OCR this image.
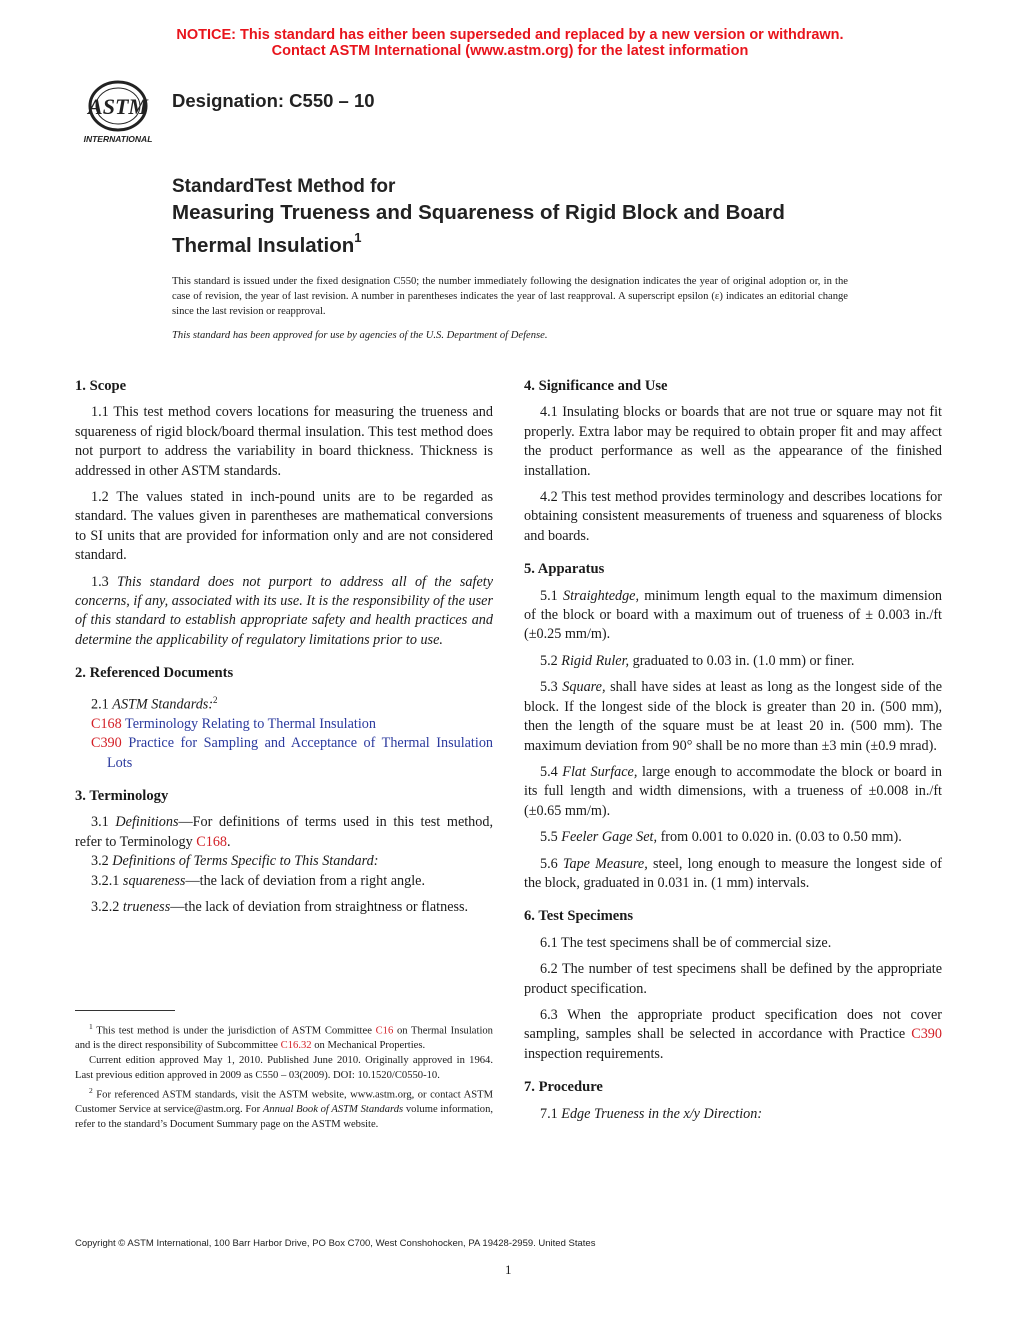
NOTICE: This standard has either been superseded and replaced by a new version or withdrawn.
Contact ASTM International (www.astm.org) for the latest information
ASTM
INTERNATIONAL
Designation: C550 – 10
StandardTest Method for
Measuring Trueness and Squareness of Rigid Block and Board Thermal Insulation$^1$
This standard is issued under the fixed designation C550; the number immediately following the designation indicates the year of original adoption or, in the case of revision, the year of last revision. A number in parentheses indicates the year of last reapproval. A superscript epsilon (ε) indicates an editorial change since the last revision or reapproval.
This standard has been approved for use by agencies of the U.S. Department of Defense.
1. Scope

1.1 This test method covers locations for measuring the trueness and squareness of rigid block/board thermal insulation. This test method does not purport to address the variability in board thickness. Thickness is addressed in other ASTM standards.

1.2 The values stated in inch-pound units are to be regarded as standard. The values given in parentheses are mathematical conversions to SI units that are provided for information only and are not considered standard.

1.3 This standard does not purport to address all of the safety concerns, if any, associated with its use. It is the responsibility of the user of this standard to establish appropriate safety and health practices and determine the applicability of regulatory limitations prior to use.

2. Referenced Documents

2.1 ASTM Standards:$^2$

C168 Terminology Relating to Thermal Insulation
C390 Practice for Sampling and Acceptance of Thermal Insulation Lots
3. Terminology

3.1 Definitions—For definitions of terms used in this test method, refer to Terminology C168.

3.2 Definitions of Terms Specific to This Standard:

3.2.1 squareness—the lack of deviation from a right angle.

3.2.2 trueness—the lack of deviation from straightness or flatness.

$^1$ This test method is under the jurisdiction of ASTM Committee C16 on Thermal Insulation and is the direct responsibility of Subcommittee C16.32 on Mechanical Properties.

Current edition approved May 1, 2010. Published June 2010. Originally approved in 1964. Last previous edition approved in 2009 as C550 – 03(2009). DOI: 10.1520/C0550-10.

$^2$ For referenced ASTM standards, visit the ASTM website, www.astm.org, or contact ASTM Customer Service at service@astm.org. For Annual Book of ASTM Standards volume information, refer to the standard’s Document Summary page on the ASTM website.

4. Significance and Use

4.1 Insulating blocks or boards that are not true or square may not fit properly. Extra labor may be required to obtain proper fit and may affect the product performance as well as the appearance of the finished installation.

4.2 This test method provides terminology and describes locations for obtaining consistent measurements of trueness and squareness of blocks and boards.

5. Apparatus

5.1 Straightedge, minimum length equal to the maximum dimension of the block or board with a maximum out of trueness of ± 0.003 in./ft (±0.25 mm/m).

5.2 Rigid Ruler, graduated to 0.03 in. (1.0 mm) or finer.

5.3 Square, shall have sides at least as long as the longest side of the block. If the longest side of the block is greater than 20 in. (500 mm), then the length of the square must be at least 20 in. (500 mm). The maximum deviation from 90° shall be no more than ±3 min (±0.9 mrad).

5.4 Flat Surface, large enough to accommodate the block or board in its full length and width dimensions, with a trueness of ±0.008 in./ft (±0.65 mm/m).

5.5 Feeler Gage Set, from 0.001 to 0.020 in. (0.03 to 0.50 mm).

5.6 Tape Measure, steel, long enough to measure the longest side of the block, graduated in 0.031 in. (1 mm) intervals.

6. Test Specimens

6.1 The test specimens shall be of commercial size.

6.2 The number of test specimens shall be defined by the appropriate product specification.

6.3 When the appropriate product specification does not cover sampling, samples shall be selected in accordance with Practice C390 inspection requirements.

7. Procedure

7.1 Edge Trueness in the x/y Direction:

Copyright © ASTM International, 100 Barr Harbor Drive, PO Box C700, West Conshohocken, PA 19428-2959. United States
1
